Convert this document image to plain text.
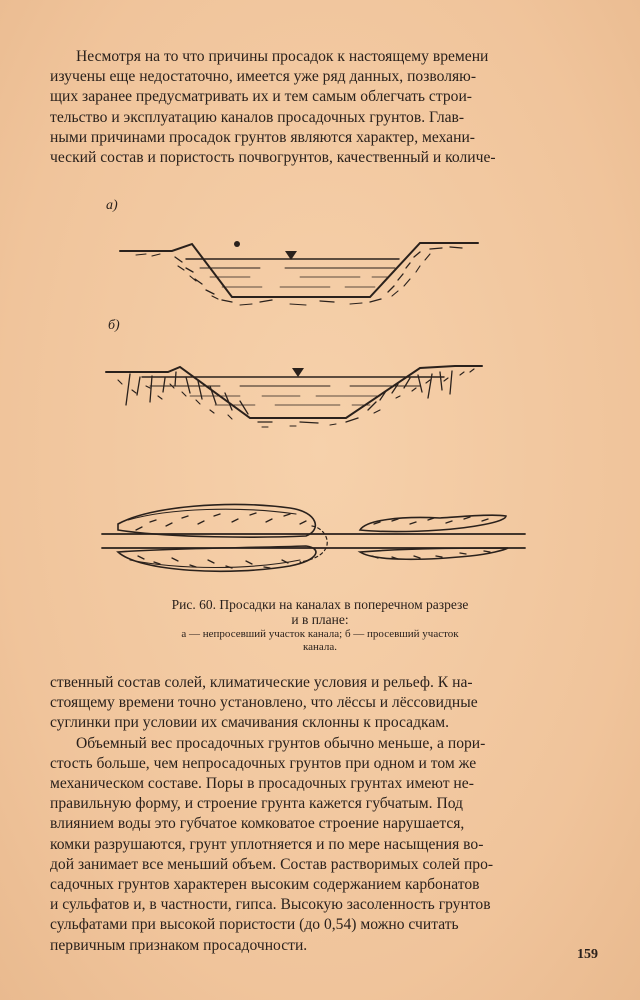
Несмотря на то что причины просадок к настоящему времени

изучены еще недостаточно, имеется уже ряд данных, позволяю-

щих заранее предусматривать их и тем самым облегчать строи-

тельство и эксплуатацию каналов просадочных грунтов. Глав-

ными причинами просадок грунтов являются характер, механи-

ческий состав и пористость почвогрунтов, качественный и количе-

а)
б)
Рис. 60. Просадки на каналах в поперечном разрезе
и в плане:
а — непросевший участок канала; б — просевший участок
канала.

ственный состав солей, климатические условия и рельеф. К на-

стоящему времени точно установлено, что лёссы и лёссовидные

суглинки при условии их смачивания склонны к просадкам.

Объемный вес просадочных грунтов обычно меньше, а пори-

стость больше, чем непросадочных грунтов при одном и том же

механическом составе. Поры в просадочных грунтах имеют не-

правильную форму, и строение грунта кажется губчатым. Под

влиянием воды это губчатое комковатое строение нарушается,

комки разрушаются, грунт уплотняется и по мере насыщения во-

дой занимает все меньший объем. Состав растворимых солей про-

садочных грунтов характерен высоким содержанием карбонатов

и сульфатов и, в частности, гипса. Высокую засоленность грунтов

сульфатами при высокой пористости (до 0,54) можно считать

первичным признаком просадочности.

159
